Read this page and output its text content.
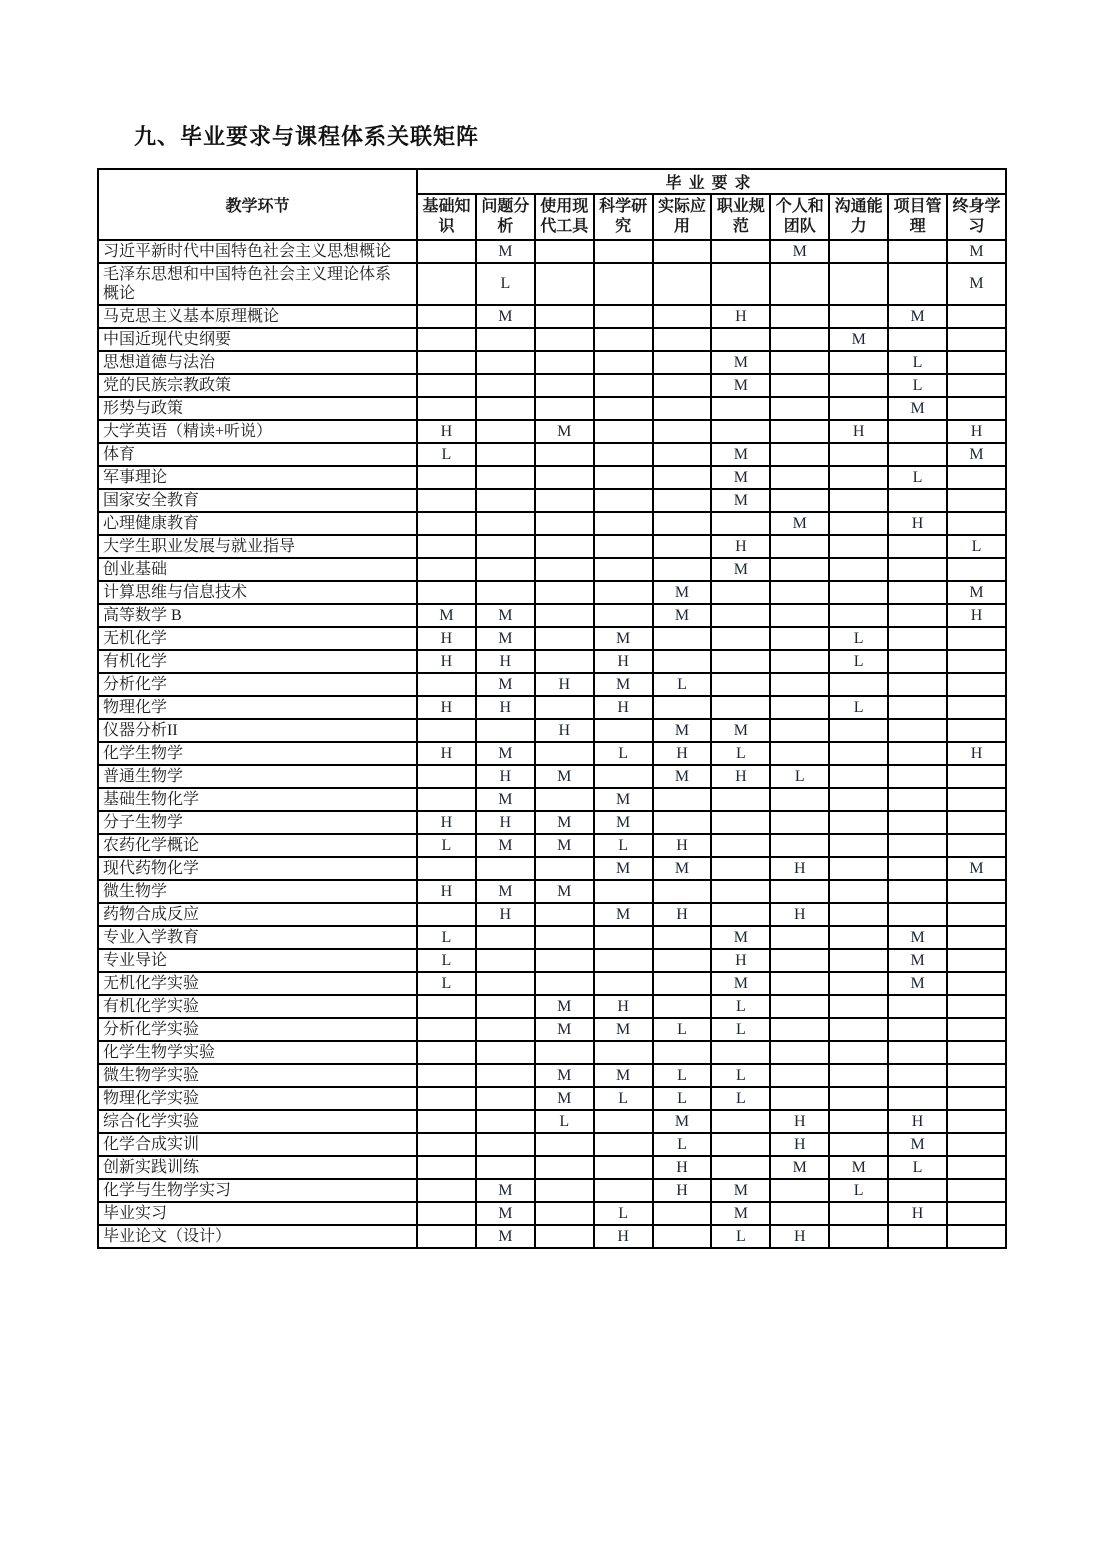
九、毕业要求与课程体系关联矩阵
教学环节	毕业要求									
	基础知识	问题分析	使用现代工具	科学研究	实际应用	职业规范	个人和团队	沟通能力	项目管理	终身学习
习近平新时代中国特色社会主义思想概论		M					M			M
毛泽东思想和中国特色社会主义理论体系概论		L								M
马克思主义基本原理概论		M				H			M	
中国近现代史纲要								M		
思想道德与法治						M			L	
党的民族宗教政策						M			L	
形势与政策									M	
大学英语（精读+听说）	H		M					H		H
体育	L					M				M
军事理论						M			L	
国家安全教育						M				
心理健康教育							M		H	
大学生职业发展与就业指导						H				L
创业基础						M				
计算思维与信息技术					M					M
高等数学 B	M	M			M					H
无机化学	H	M		M				L		
有机化学	H	H		H				L		
分析化学		M	H	M	L					
物理化学	H	H		H				L		
仪器分析II			H		M	M				
化学生物学	H	M		L	H	L				H
普通生物学		H	M		M	H	L			
基础生物化学		M		M						
分子生物学	H	H	M	M						
农药化学概论	L	M	M	L	H					
现代药物化学				M	M		H			M
微生物学	H	M	M							
药物合成反应		H		M	H		H			
专业入学教育	L					M			M	
专业导论	L					H			M	
无机化学实验	L					M			M	
有机化学实验			M	H		L				
分析化学实验			M	M	L	L				
化学生物学实验										
微生物学实验			M	M	L	L				
物理化学实验			M	L	L	L				
综合化学实验			L		M		H		H	
化学合成实训					L		H		M	
创新实践训练					H		M	M	L	
化学与生物学实习		M			H	M		L		
毕业实习		M		L		M			H	
毕业论文（设计）		M		H		L	H			
